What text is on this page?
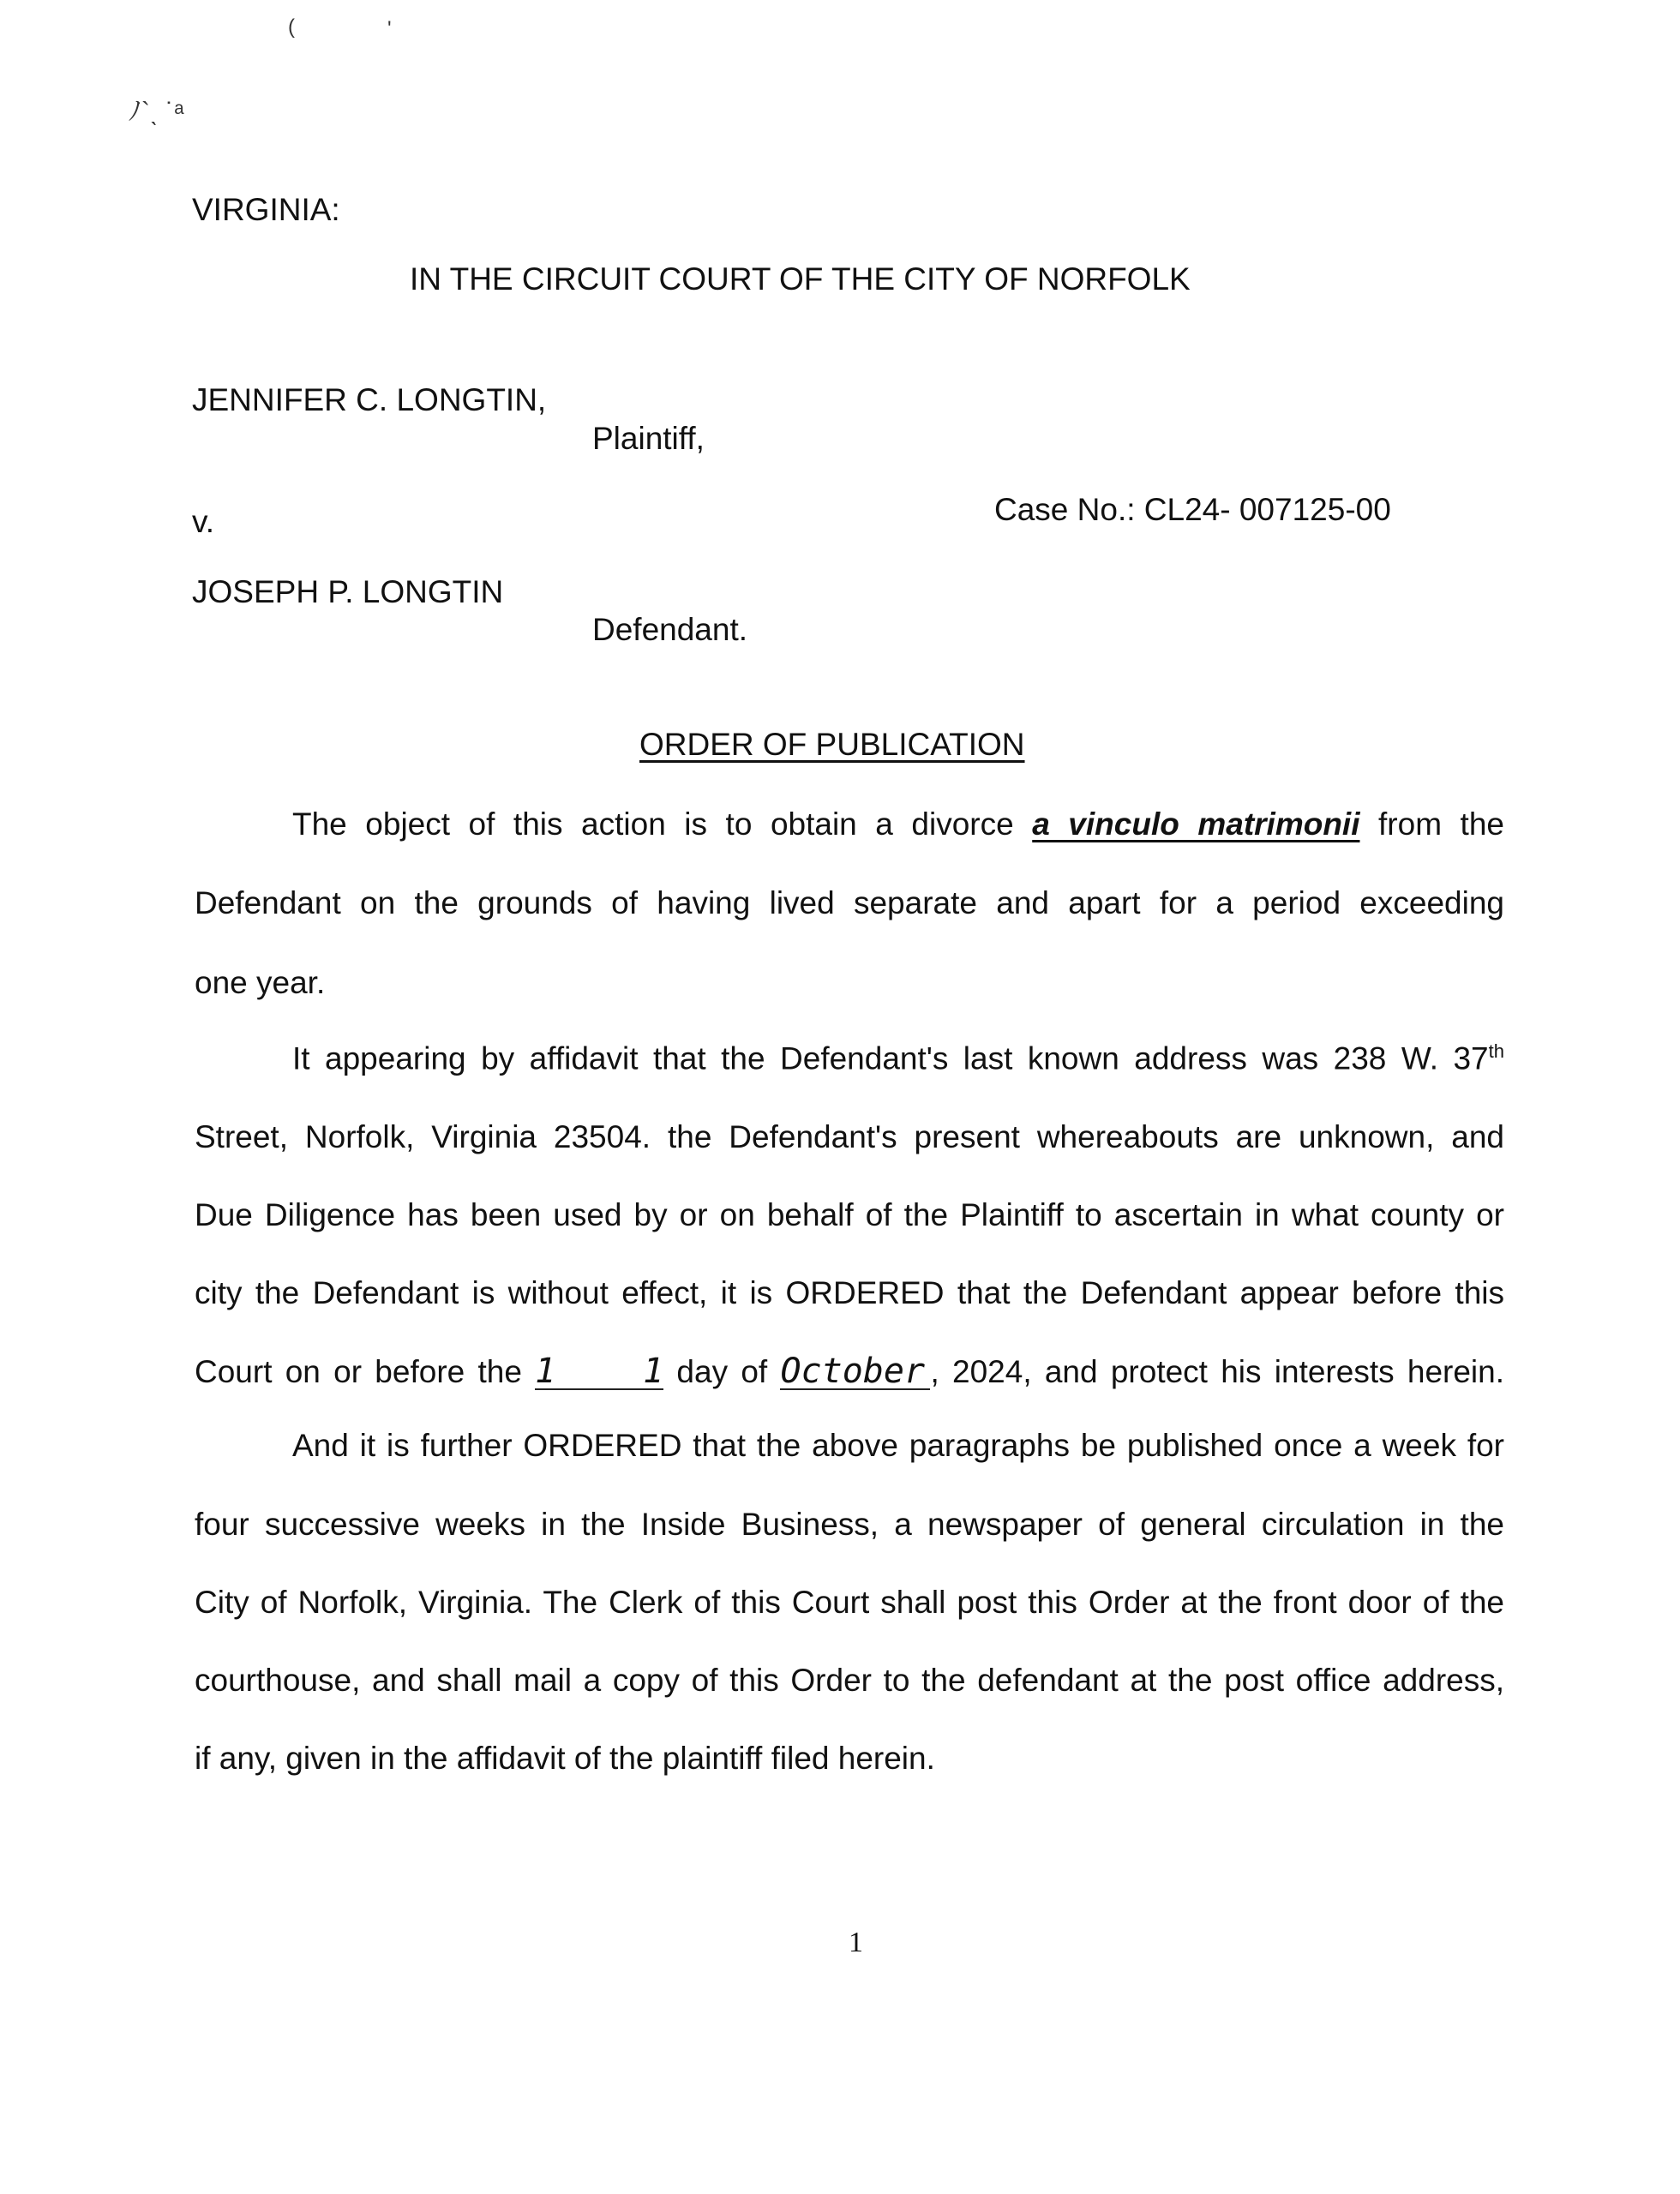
(	'
ﾉ`ˎ ˙ᵃ
VIRGINIA:
IN THE CIRCUIT COURT OF THE CITY OF NORFOLK
JENNIFER C. LONGTIN,
Plaintiff,
v.	Case No.: CL24- 007125-00
JOSEPH P. LONGTIN
Defendant.
ORDER OF PUBLICATION
The object of this action is to obtain a divorce a vinculo matrimonii from the
Defendant on the grounds of having lived separate and apart for a period exceeding
one year.
It appearing by affidavit that the Defendant's last known address was 238 W. 37th
Street, Norfolk, Virginia 23504. the Defendant's present whereabouts are unknown, and
Due Diligence has been used by or on behalf of the Plaintiff to ascertain in what county or
city the Defendant is without effect, it is ORDERED that the Defendant appear before this
Court on or before the 1 1 day of October , 2024, and protect his interests herein.
And it is further ORDERED that the above paragraphs be published once a week for
four successive weeks in the Inside Business, a newspaper of general circulation in the
City of Norfolk, Virginia. The Clerk of this Court shall post this Order at the front door of the
courthouse, and shall mail a copy of this Order to the defendant at the post office address,
if any, given in the affidavit of the plaintiff filed herein.
1
